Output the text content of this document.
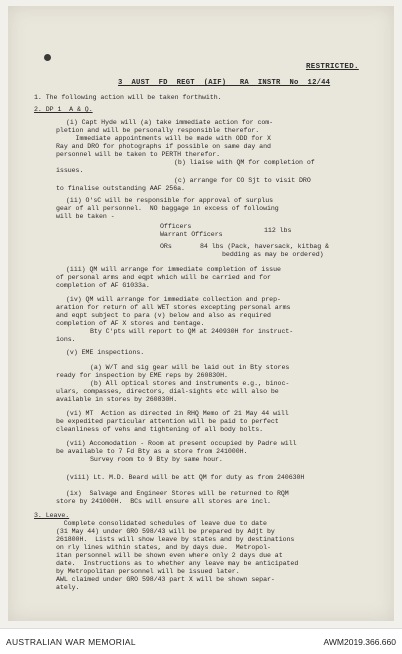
RESTRICTED.
3  AUST  FD  REGT  (AIF)   RA  INSTR  No  12/44
1. The following action will be taken forthwith.
2. DP 1  A & Q.
(i) Capt Hyde will (a) take immediate action for com-
pletion and will be personally responsible therefor.
Immediate appointments will be made with ODD for X
Ray and DRO for photographs if possible on same day and
personnel will be taken to PERTH therefor.
(b) liaise with QM for completion of
issues.
(c) arrange for CO Sjt to visit DRO
to finalise outstanding AAF 256a.
(ii) O'sC will be responsible for approval of surplus
gear of all personnel.  NO baggage in excess of following
will be taken -
Officers
Warrant Officers
112 lbs
ORs	84 lbs (Pack, haversack, kitbag &
bedding as may be ordered)
(iii) QM will arrange for immediate completion of issue
of personal arms and eqpt which will be carried and for
completion of AF G1033a.
(iv) QM will arrange for immediate collection and prep-
aration for return of all WET stores excepting personal arms
and eqpt subject to para (v) below and also as required
completion of AF X stores and tentage.
Bty C'pts will report to QM at 240930H for instruct-
ions.
(v) EME inspections.
(a) W/T and sig gear will be laid out in Bty stores
ready for inspection by EME reps by 260830H.
(b) All optical stores and instruments e.g., binoc-
ulars, compasses, directors, dial-sights etc will also be
available in stores by 260830H.
(vi) MT  Action as directed in RHQ Memo of 21 May 44 will
be expedited particular attention will be paid to perfect
cleanliness of vehs and tightening of all body bolts.
(vii) Accomodation - Room at present occupied by Padre will
be available to 7 Fd Bty as a store from 241000H.
Survey room to 9 Bty by same hour.
(viii) Lt. M.D. Beard will be att QM for duty as from 240630H
(ix)  Salvage and Engineer Stores will be returned to RQM
store by 241000H.  BCs will ensure all stores are incl.
3. Leave.
Complete consolidated schedules of leave due to date
(31 May 44) under GRO 598/43 will be prepared by Adjt by
261800H.  Lists will show leave by states and by destinations
on rly lines within states, and by days due.  Metropol-
itan personnel will be shown even where only 2 days due at
date.  Instructions as to whether any leave may be anticipated
by Metropolitan personnel will be issued later.
AWL claimed under GRO 598/43 part X will be shown separ-
ately.
AUSTRALIAN WAR MEMORIAL	AWM2019.366.660
